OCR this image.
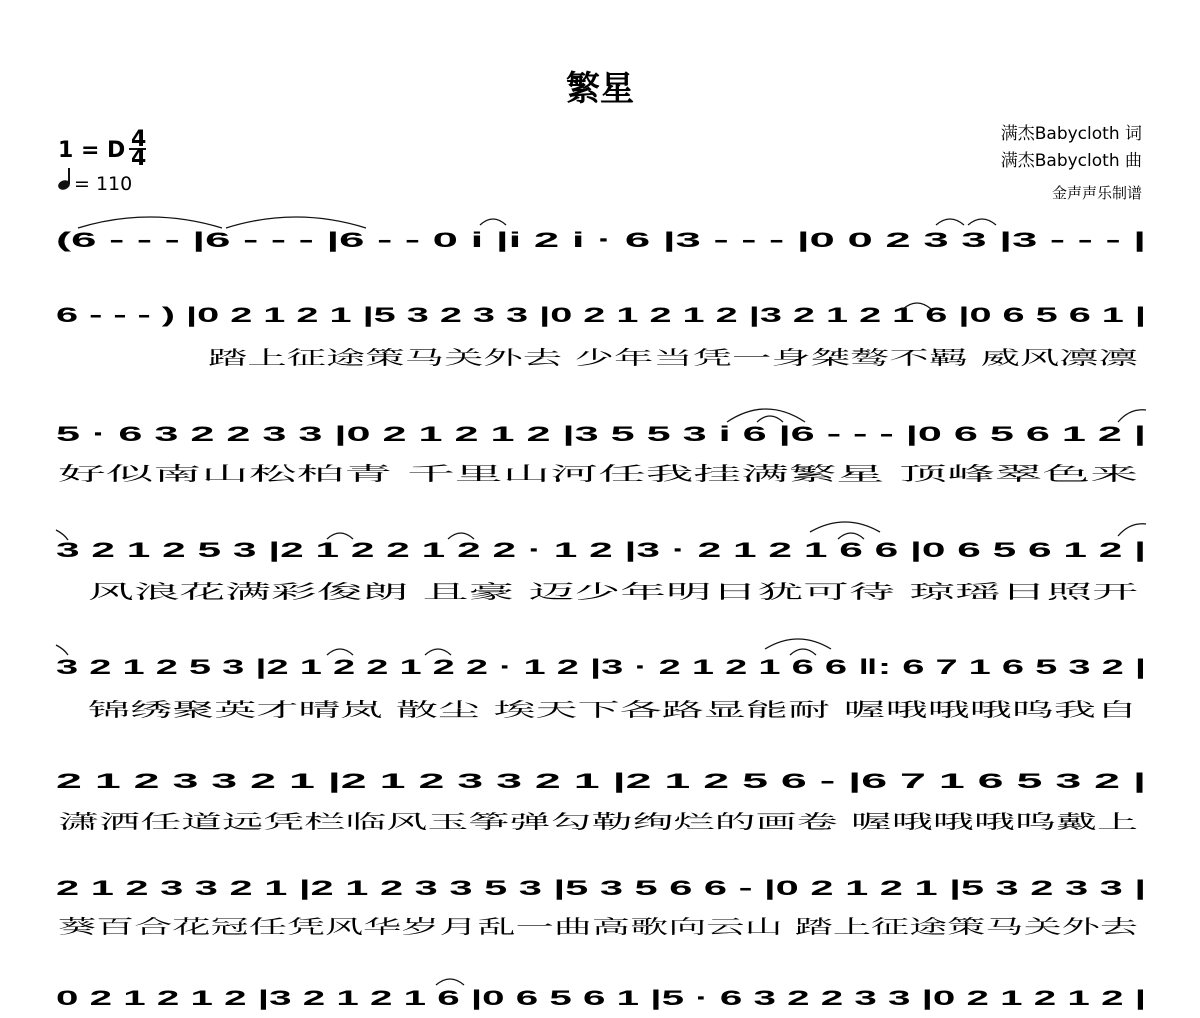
繁星
1 = D 4
4
= 110
满杰Babycloth 词
满杰Babycloth 曲
金声声乐制谱
(6 - - - |6 - - - |6 - - 0 i |i 2 i · 6 |3 - - - |0 0 2 3 3 |3 - - - |
6 - - - ) |0 2 1 2 1 |5 3 2 3 3 |0 2 1 2 1 2 |3 2 1 2 1 6 |0 6 5 6 1 |
踏上征途策马关外去 少年当凭一身桀骜不羁 威风凛凛
5 · 6 3 2 2 3 3 |0 2 1 2 1 2 |3 5 5 3 i 6 |6 - - - |0 6 5 6 1 2 |
好似南山松柏青 千里山河任我挂满繁星 顶峰翠色来
3 2 1 2 5 3 |2 1 2 2 1 2 2 · 1 2 |3 · 2 1 2 1 6 6 |0 6 5 6 1 2 |
风浪花满彩俊朗 且豪 迈少年明日犹可待 琼瑶日照开
3 2 1 2 5 3 |2 1 2 2 1 2 2 · 1 2 |3 · 2 1 2 1 6 6 ‖: 6 7 1 6 5 3 2 |
锦绣聚英才晴岚 散尘 埃天下各路显能耐 喔哦哦哦呜我自
2 1 2 3 3 2 1 |2 1 2 3 3 2 1 |2 1 2 5 6 - |6 7 1 6 5 3 2 |
潇洒任道远凭栏临风玉筝弹勾勒绚烂的画卷 喔哦哦哦呜戴上
2 1 2 3 3 2 1 |2 1 2 3 3 5 3 |5 3 5 6 6 - |0 2 1 2 1 |5 3 2 3 3 |
葵百合花冠任凭风华岁月乱一曲高歌向云山 踏上征途策马关外去
0 2 1 2 1 2 |3 2 1 2 1 6 |0 6 5 6 1 |5 · 6 3 2 2 3 3 |0 2 1 2 1 2 |
